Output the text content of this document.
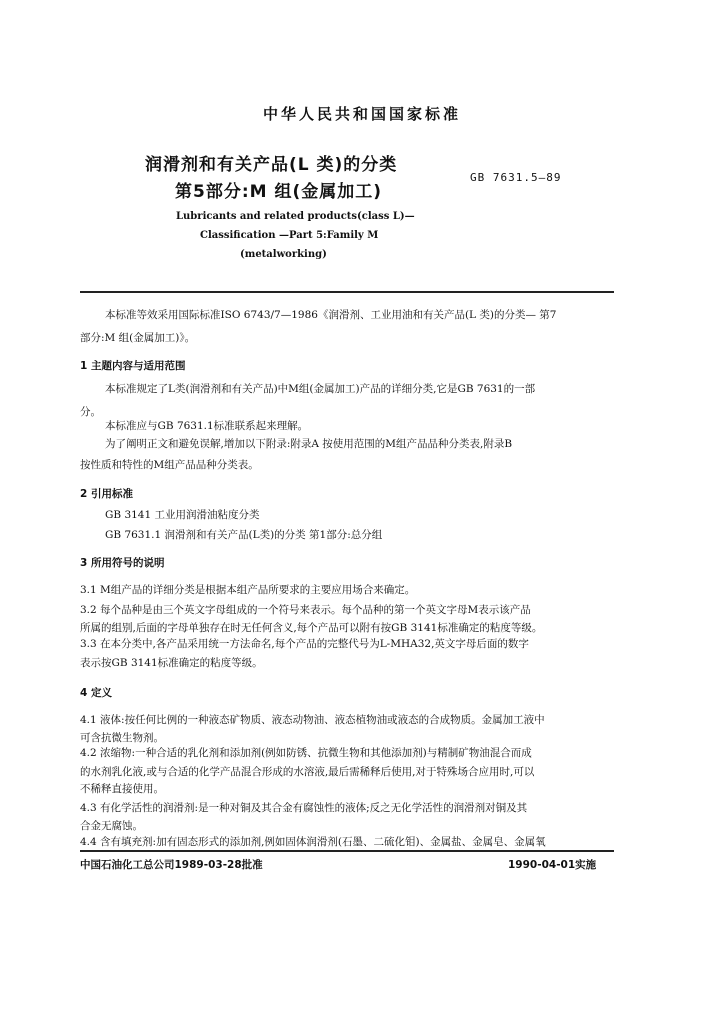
中华人民共和国国家标准
润滑剂和有关产品(L 类)的分类
第5部分:M 组(金属加工)
GB 7631.5—89
Lubricants and related products(class L)—
Classification —Part 5:Family M
(metalworking)
本标准等效采用国际标准ISO 6743/7—1986《润滑剂、工业用油和有关产品(L 类)的分类— 第7
部分:M 组(金属加工)》。
1 主题内容与适用范围
本标准规定了L类(润滑剂和有关产品)中M组(金属加工)产品的详细分类,它是GB 7631的一部
分。
本标准应与GB 7631.1标准联系起来理解。
为了阐明正文和避免误解,增加以下附录:附录A 按使用范围的M组产品品种分类表,附录B
按性质和特性的M组产品品种分类表。
2 引用标准
GB 3141 工业用润滑油粘度分类
GB 7631.1 润滑剂和有关产品(L类)的分类 第1部分:总分组
3 所用符号的说明
3.1 M组产品的详细分类是根据本组产品所要求的主要应用场合来确定。
3.2 每个品种是由三个英文字母组成的一个符号来表示。每个品种的第一个英文字母M表示该产品
所属的组别,后面的字母单独存在时无任何含义,每个产品可以附有按GB 3141标准确定的粘度等级。
3.3 在本分类中,各产品采用统一方法命名,每个产品的完整代号为L-MHA32,英文字母后面的数字
表示按GB 3141标准确定的粘度等级。
4 定义
4.1 液体:按任何比例的一种液态矿物质、液态动物油、液态植物油或液态的合成物质。金属加工液中
可含抗微生物剂。
4.2 浓缩物:一种合适的乳化剂和添加剂(例如防锈、抗微生物和其他添加剂)与精制矿物油混合而成
的水剂乳化液,或与合适的化学产品混合形成的水溶液,最后需稀释后使用,对于特殊场合应用时,可以
不稀释直接使用。
4.3 有化学活性的润滑剂:是一种对铜及其合金有腐蚀性的液体;反之无化学活性的润滑剂对铜及其
合金无腐蚀。
4.4 含有填充剂:加有固态形式的添加剂,例如固体润滑剂(石墨、二硫化钼)、金属盐、金属皂、金属氧
中国石油化工总公司1989-03-28批准	1990-04-01实施
